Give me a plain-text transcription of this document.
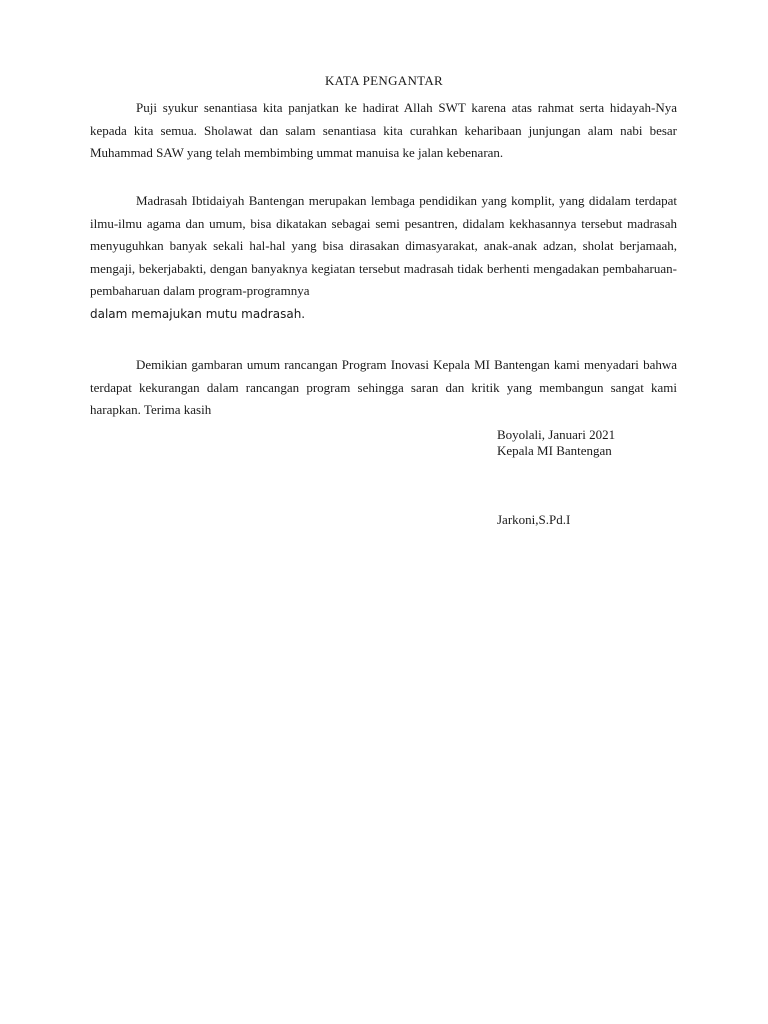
KATA PENGANTAR

Puji syukur senantiasa kita panjatkan ke hadirat Allah SWT karena atas rahmat serta hidayah-Nya kepada kita semua. Sholawat dan salam senantiasa kita curahkan keharibaan junjungan alam nabi besar Muhammad SAW yang telah membimbing ummat manuisa ke jalan kebenaran.

Madrasah Ibtidaiyah Bantengan merupakan lembaga pendidikan yang komplit, yang didalam terdapat ilmu-ilmu agama dan umum, bisa dikatakan sebagai semi pesantren, didalam kekhasannya tersebut madrasah menyuguhkan banyak sekali hal-hal yang bisa dirasakan dimasyarakat, anak-anak adzan, sholat berjamaah, mengaji, bekerjabakti, dengan banyaknya kegiatan tersebut madrasah tidak berhenti mengadakan pembaharuan-pembaharuan dalam program-programnya
dalam memajukan mutu madrasah.

Demikian gambaran umum rancangan Program Inovasi Kepala MI Bantengan kami menyadari bahwa terdapat kekurangan dalam rancangan program sehingga saran dan kritik yang membangun sangat kami harapkan. Terima kasih

Boyolali, Januari 2021
Kepala MI Bantengan
Jarkoni,S.Pd.I
